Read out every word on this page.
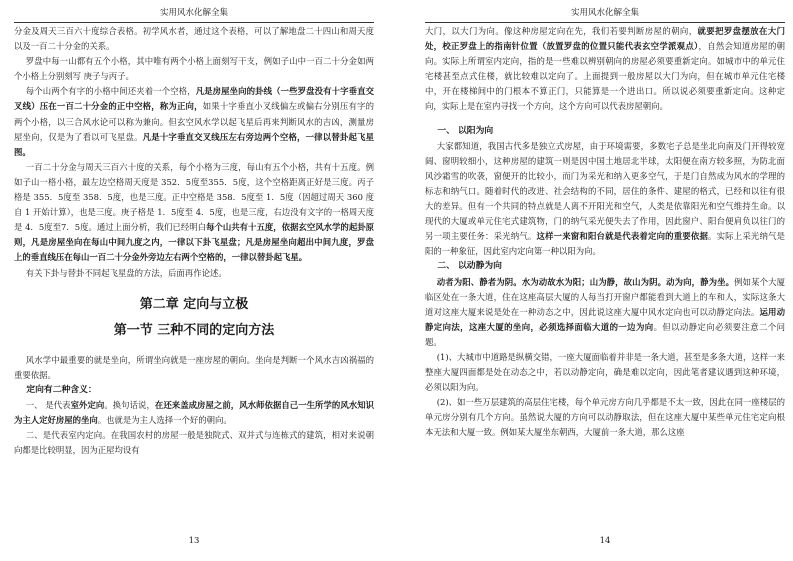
实用风水化解全集

分金及周天三百六十度综合表格。初学风水者，通过这个表格，可以了解地盘二十四山和周天度以及一百二十分金的关系。

罗盘中每一山都有五个小格，其中唯有两个小格上面刻写干支，例如子山中一百二十分金如两个小格上分别刻写 庚子与丙子。

每个山两个有字的小格中间还夹着一个空格，凡是房屋坐向的卦线（一些罗盘没有十字垂直交叉线）压在一百二十分金的正中空格，称为正向，如果十字垂直小叉线偏左或偏右分别压有字的两个小格，以三合风水论可以称为兼向。但玄空风水学以起飞星后再来判断风水的吉凶，测量房屋坐向，仅是为了看以可飞星盘。凡是十字垂直交叉线压左右旁边两个空格，一律以替卦起飞星图。

一百二十分金与周天三百六十度的关系，每个小格为三度，每山有五个小格，共有十五度。例如子山一格小格，最左边空格周天度是 352．5度至355．5度，这个空格距离正好是三度。丙子格是 355．5度至 358．5度，也是三度。正中空格是 358．5度至 1．5度（因超过周天 360 度自 1 开始计算），也是三度。庚子格是 1．5度至 4．5度，也是三度，右边没有文字的一格周天度是 4．5度至7．5度。通过上面分析，我们已经明白每个山共有十五度，依据玄空风水学的起卦原则，凡是房屋坐向在每山中间九度之内，一律以下卦飞星盘；凡是房屋坐向超出中间九度，罗盘上的垂直线压在每山一百二十分金外旁边左右两个空格的，一律以替卦起飞星。

有关下卦与替卦不同起飞星盘的方法，后面再作论述。

第二章 定向与立极
第一节 三种不同的定向方法

风水学中最重要的就是坐向，所谓坐向就是一座房屋的朝向。坐向是判断一个风水吉凶祸福的重要依据。

定向有二种含义：

一、 是代表室外定向。换句话说，在还来盖成房屋之前，风水师依据自己一生所学的风水知识为主人定好房屋的坐向。也就是为主人选择一个好的朝向。

二、是代表室内定向。在我国农村的房屋一般是独院式、双并式与连栋式的建筑，相对来说朝向都是比较明显，因为正屋均设有

13
实用风水化解全集

大门，以大门为向。像这种房屋定向在先，我们若要判断房屋的朝向，就要把罗盘摆放在大门处，校正罗盘上的指南针位置（放置罗盘的位置只能代表玄空学派观点），自然会知道房屋的朝向。实际上所谓室内定向，指的是一些难以辨别朝向的房屋必须要重新定向。如城市中的单元住宅楼甚至点式住楼，就比较难以定向了。上面提到一般房屋以大门为向，但在城市单元住宅楼中，开在楼梯间中的门根本不算正门，只能算是一个进出口。所以说必须要重新定向。这种定向，实际上是在室内寻找一个方向，这个方向可以代表房屋朝向。

一、 以阳为向

大家都知道，我国古代多是独立式房屋，由于环境需要，多数宅子总是坐北向南及门开得较宽阔、窗明较细小，这种房屋的建筑一则是因中国土地居北半球，太阳便在南方较多照，为防北面风沙霜雪的吹袭，窗便开的比较小，而门为采光和纳入更多空气，于是门自然成为风水的学理的标志和纳气口。随着时代的改进、社会结构的不同，居住的条件、建屋的格式，已经和以往有很大的差异。但有一个共同的特点就是人离不开阳光和空气，人类是依靠阳光和空气维持生命。以现代的大厦或单元住宅式建筑物，门的纳气采光便失去了作用，因此窗户、阳台便肩负以往门的另一项主要任务：采光纳气。这样一来窗和阳台就是代表着定向的重要依据。实际上采光纳气是阳的一种象征，因此室内定向第一种以阳为向。

二、 以动静为向

动者为阳、静者为阴。水为动故水为阳；山为静，故山为阴。动为向，静为坐。例如某个大厦临区处在一条大道，住在这座高层大厦的人每当打开窗户都能看到大道上的车和人，实际这条大道对这座大厦来说是处在一种动态之中，因此说这座大厦中风水定向也可以动静定向法。运用动静定向法，这座大厦的坐向，必须选择面临大道的一边为向。但以动静定向必须要注意二个问题。

(1)、大城市中道路是纵横交错，一座大厦面临着并非是一条大道，甚至是多条大道，这样一来整座大厦四面都是处在动态之中，若以动静定向，确是难以定向，因此笔者建议遇到这种环境，必须以阳为向。

(2)、如一些万层建筑的高层住宅楼，每个单元房方向几乎都是不太一致，因此在同一座楼层的单元房分别有几个方向。虽然说大厦的方向可以动静取法，但在这座大厦中某些单元住宅定向根本无法和大厦一致。例如某大厦坐东朝西，大厦前一条大道，那么这座

14
